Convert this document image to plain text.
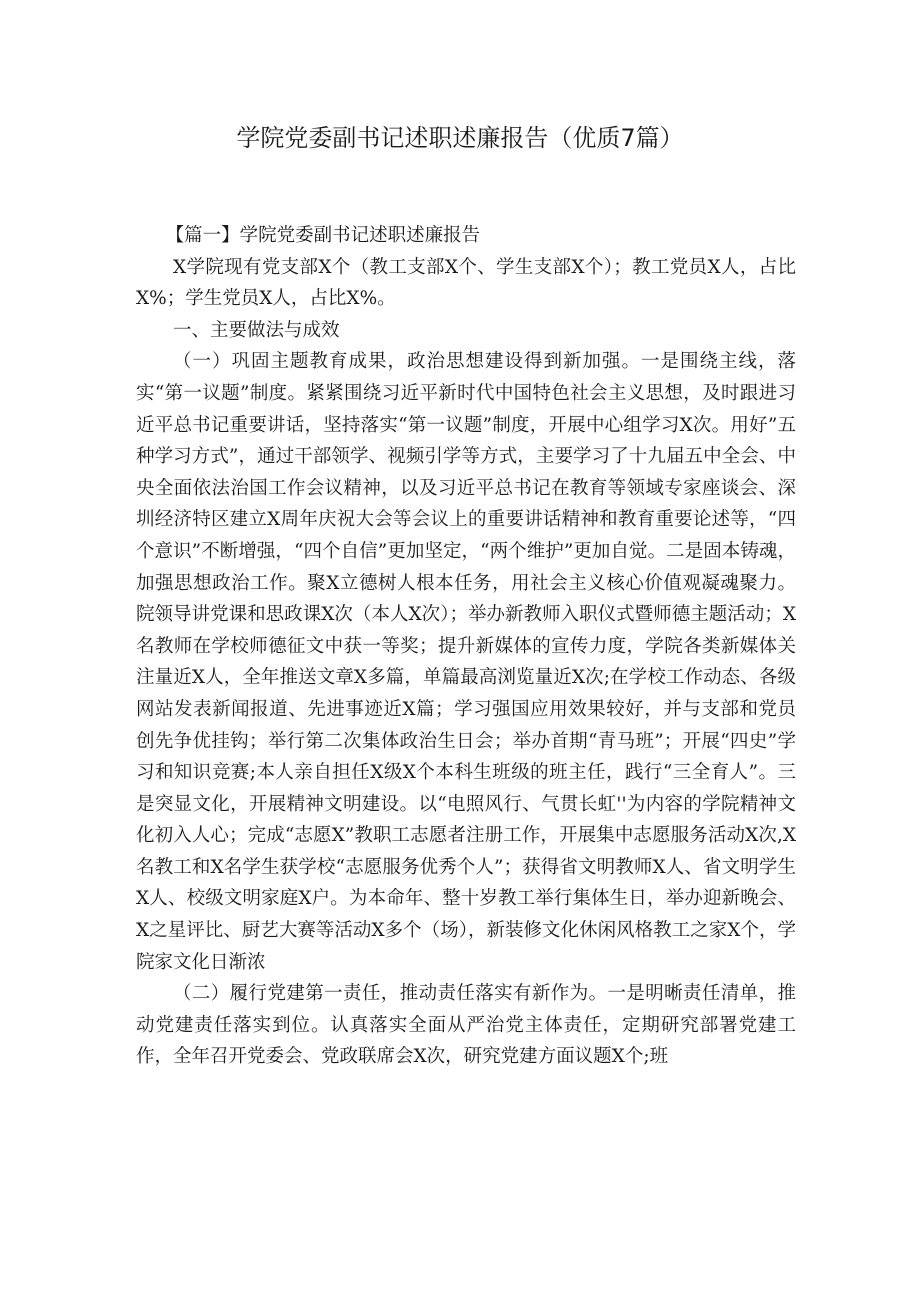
学院党委副书记述职述廉报告（优质7篇）

【篇一】学院党委副书记述职述廉报告

X学院现有党支部X个（教工支部X个、学生支部X个）；教工党员X人，占比X%；学生党员X人，占比X%。

一、主要做法与成效

（一）巩固主题教育成果，政治思想建设得到新加强。一是围绕主线，落实“第一议题”制度。紧紧围绕习近平新时代中国特色社会主义思想，及时跟进习近平总书记重要讲话，坚持落实“第一议题”制度，开展中心组学习X次。用好”五种学习方式”，通过干部领学、视频引学等方式，主要学习了十九届五中全会、中央全面依法治国工作会议精神，以及习近平总书记在教育等领域专家座谈会、深圳经济特区建立X周年庆祝大会等会议上的重要讲话精神和教育重要论述等，“四个意识”不断增强，“四个自信”更加坚定，“两个维护”更加自觉。二是固本铸魂，加强思想政治工作。聚X立德树人根本任务，用社会主义核心价值观凝魂聚力。院领导讲党课和思政课X次（本人X次）；举办新教师入职仪式暨师德主题活动；X名教师在学校师德征文中获一等奖；提升新媒体的宣传力度，学院各类新媒体关注量近X人，全年推送文章X多篇，单篇最高浏览量近X次;在学校工作动态、各级网站发表新闻报道、先进事迹近X篇；学习强国应用效果较好，并与支部和党员创先争优挂钩；举行第二次集体政治生日会；举办首期“青马班”；开展“四史”学习和知识竞赛;本人亲自担任X级X个本科生班级的班主任，践行“三全育人”。三是突显文化，开展精神文明建设。以“电照风行、气贯长虹''为内容的学院精神文化初入人心；完成“志愿X”教职工志愿者注册工作，开展集中志愿服务活动X次,X名教工和X名学生获学校“志愿服务优秀个人”；获得省文明教师X人、省文明学生X人、校级文明家庭X户。为本命年、整十岁教工举行集体生日，举办迎新晚会、X之星评比、厨艺大赛等活动X多个（场），新装修文化休闲风格教工之家X个，学院家文化日渐浓

（二）履行党建第一责任，推动责任落实有新作为。一是明晰责任清单，推动党建责任落实到位。认真落实全面从严治党主体责任，定期研究部署党建工作，全年召开党委会、党政联席会X次，研究党建方面议题X个;班
